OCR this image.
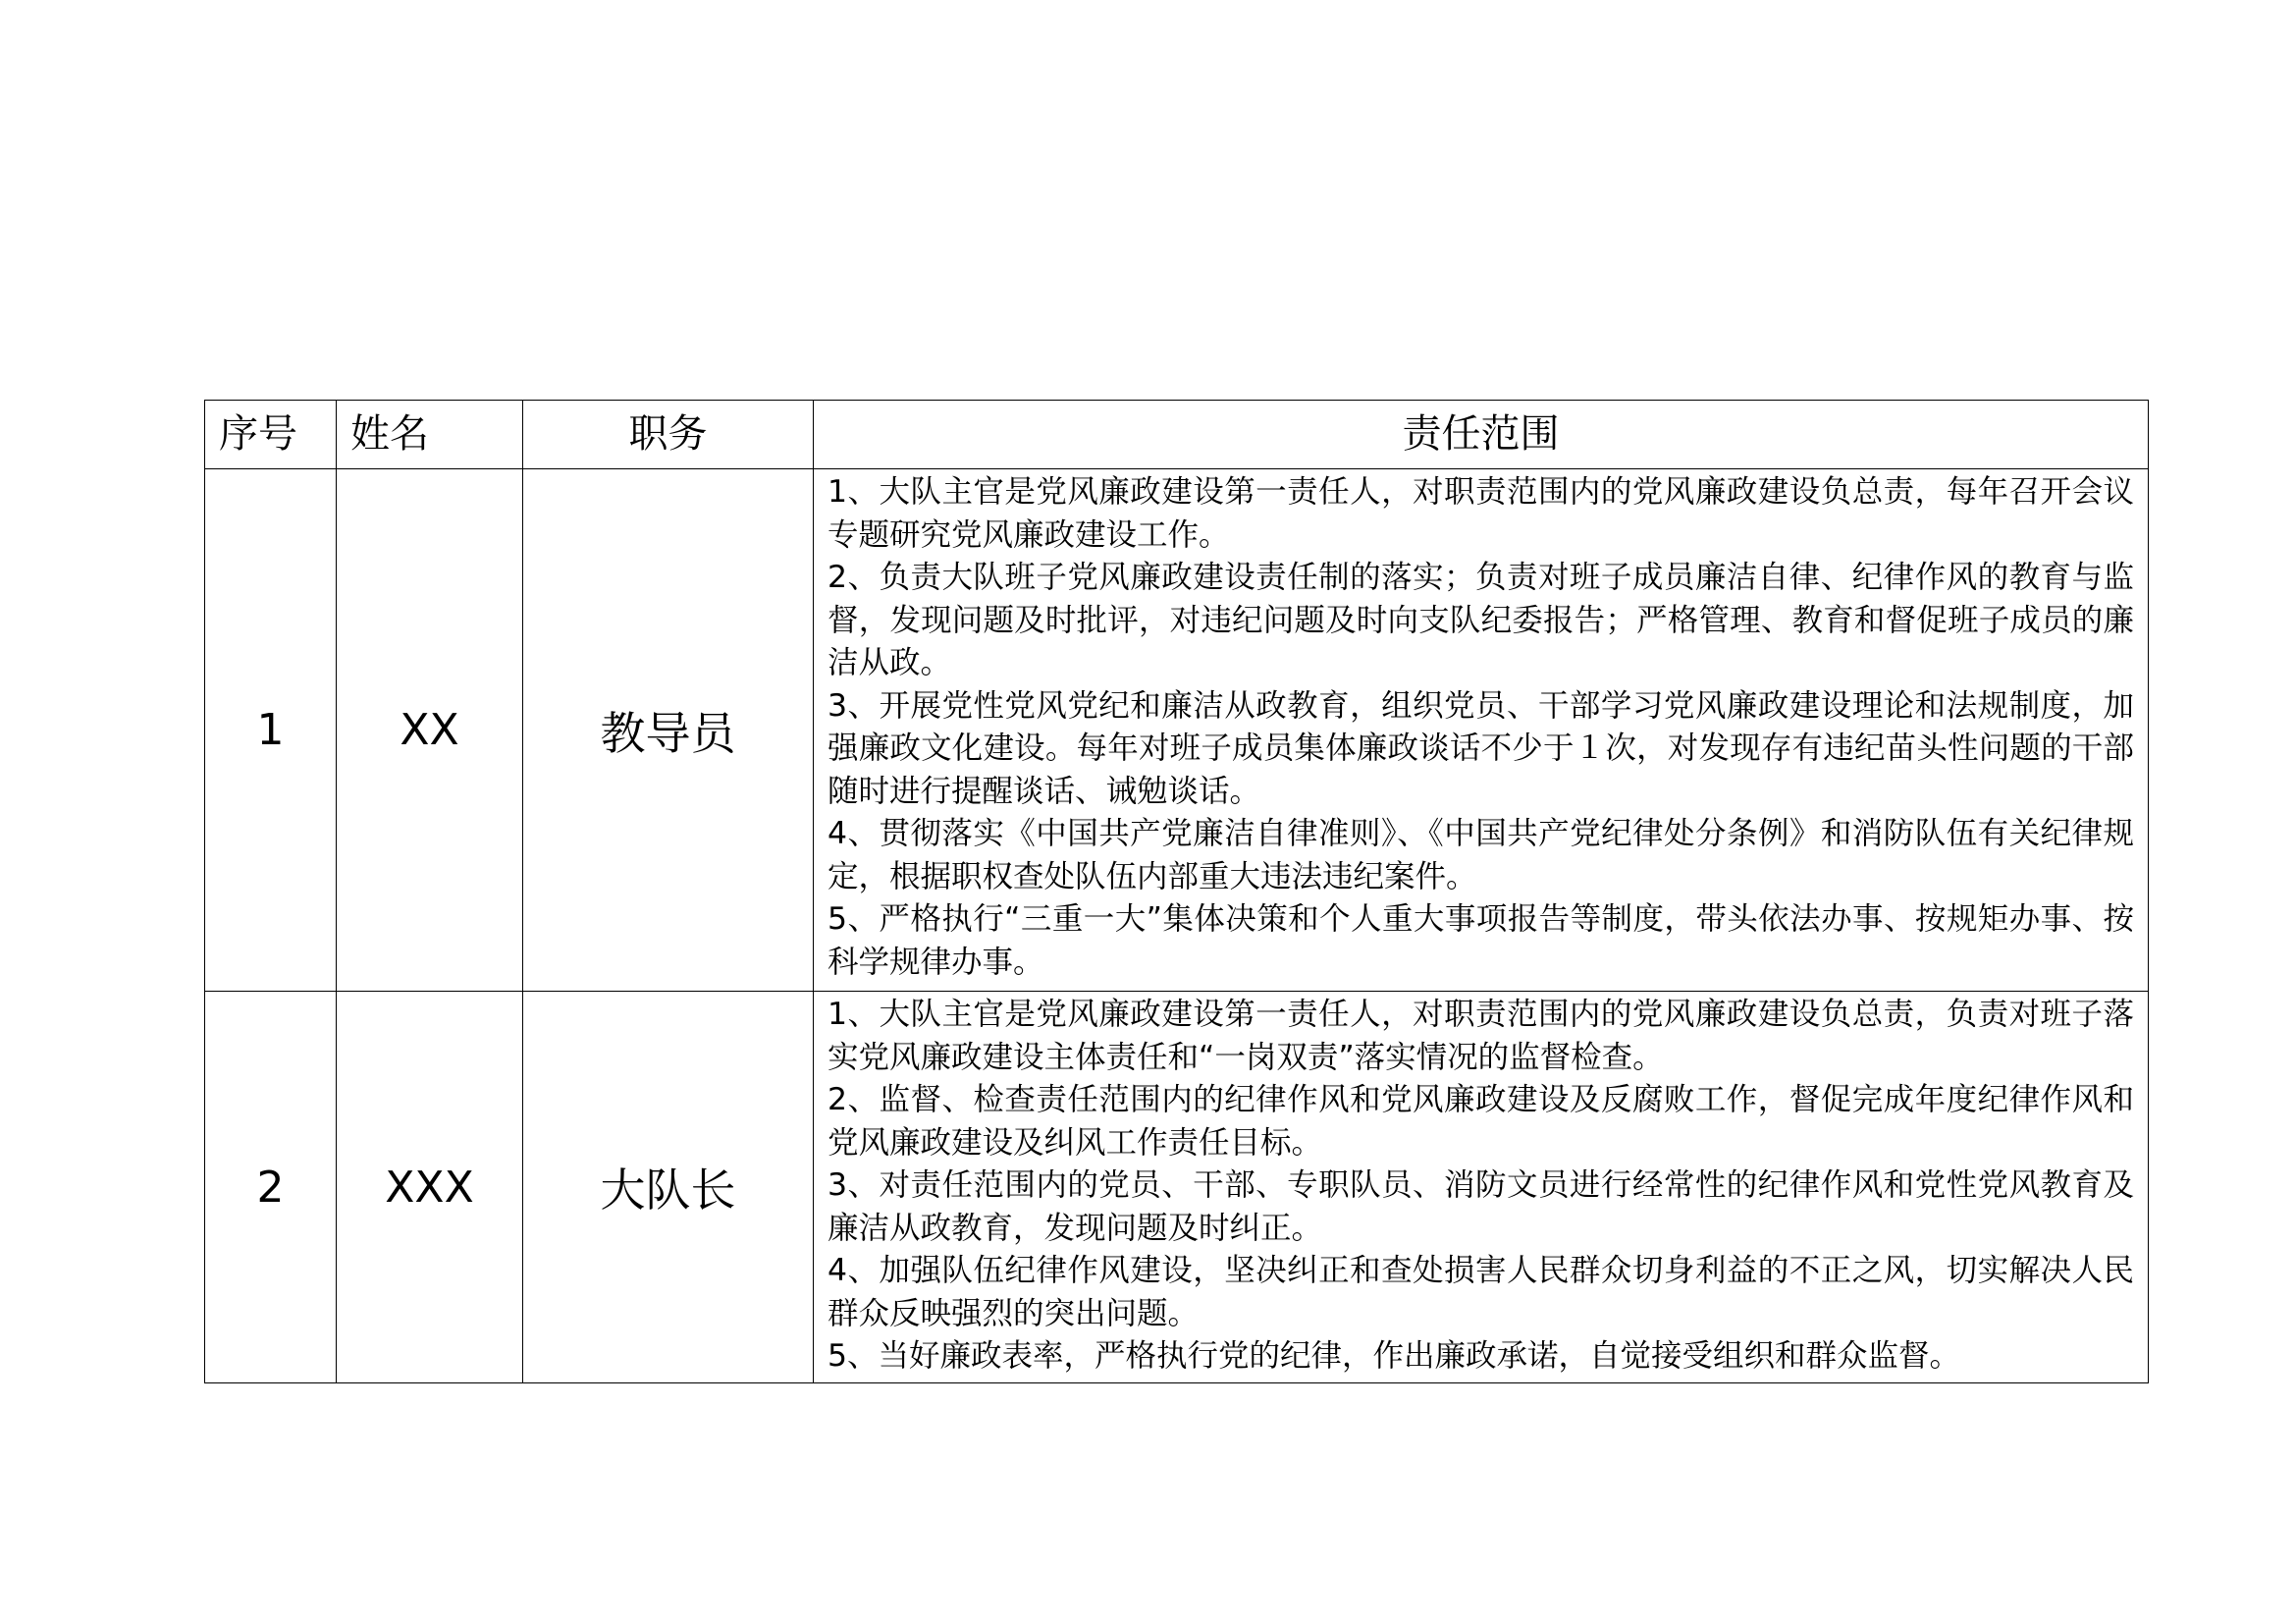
序号	姓名	职务	责任范围
1	XX	教导员	1、大队主官是党风廉政建设第一责任人，对职责范围内的党风廉政建设负总责，每年召开会议专题研究党风廉政建设工作。

2、负责大队班子党风廉政建设责任制的落实；负责对班子成员廉洁自律、纪律作风的教育与监督，发现问题及时批评，对违纪问题及时向支队纪委报告；严格管理、教育和督促班子成员的廉洁从政。

3、开展党性党风党纪和廉洁从政教育，组织党员、干部学习党风廉政建设理论和法规制度，加强廉政文化建设。每年对班子成员集体廉政谈话不少于１次，对发现存有违纪苗头性问题的干部随时进行提醒谈话、诫勉谈话。

4、贯彻落实《中国共产党廉洁自律准则》、《中国共产党纪律处分条例》和消防队伍有关纪律规定，根据职权查处队伍内部重大违法违纪案件。

5、严格执行“三重一大”集体决策和个人重大事项报告等制度，带头依法办事、按规矩办事、按科学规律办事。

2	XXX	大队长	1、大队主官是党风廉政建设第一责任人，对职责范围内的党风廉政建设负总责，负责对班子落实党风廉政建设主体责任和“一岗双责”落实情况的监督检查。

2、监督、检查责任范围内的纪律作风和党风廉政建设及反腐败工作，督促完成年度纪律作风和党风廉政建设及纠风工作责任目标。

3、对责任范围内的党员、干部、专职队员、消防文员进行经常性的纪律作风和党性党风教育及廉洁从政教育，发现问题及时纠正。

4、加强队伍纪律作风建设，坚决纠正和查处损害人民群众切身利益的不正之风，切实解决人民群众反映强烈的突出问题。

5、当好廉政表率，严格执行党的纪律，作出廉政承诺，自觉接受组织和群众监督。
